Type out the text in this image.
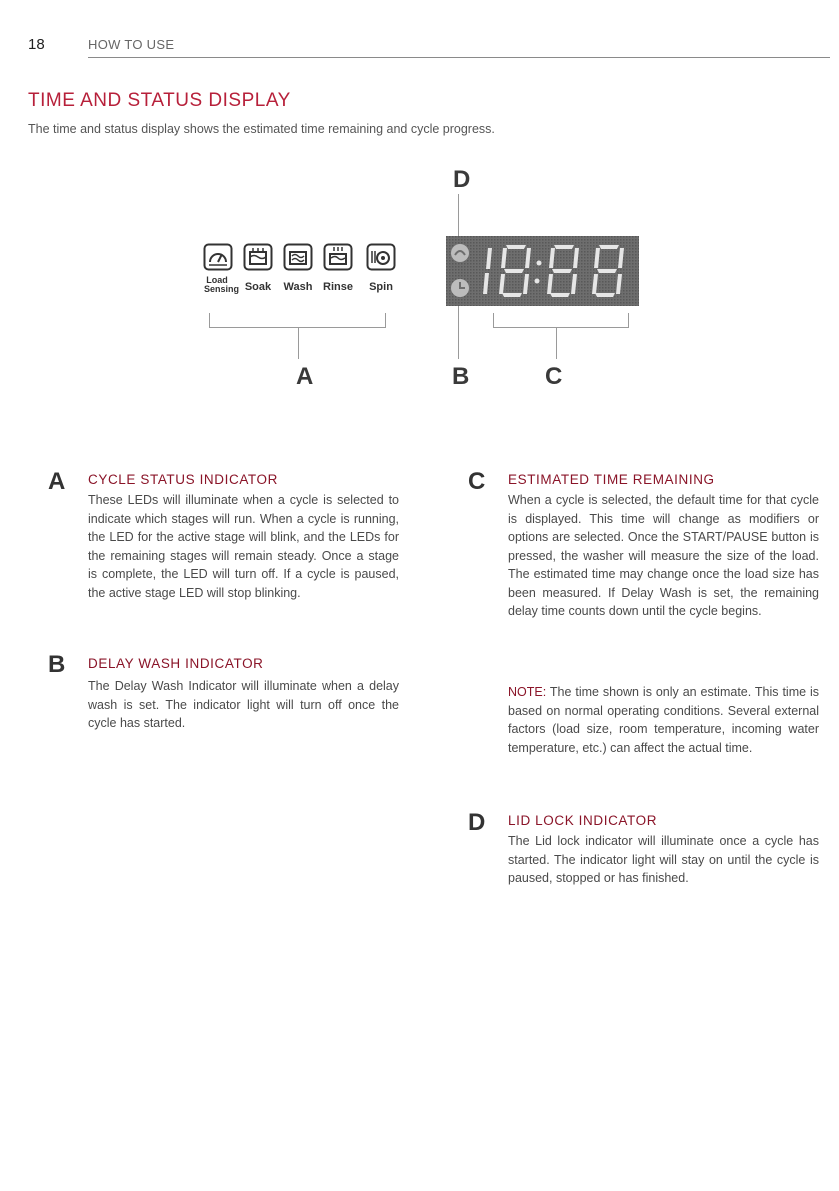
18	HOW TO USE
TIME AND STATUS DISPLAY
The time and status display shows the estimated time remaining and cycle progress.
D
Load Sensing Soak	Wash Rinse	Spin
A	B	C
A CYCLE STATUS INDICATOR

These LEDs will illuminate when a cycle is selected to indicate which stages will run. When a cycle is running, the LED for the active stage will blink, and the LEDs for the remaining stages will remain steady. Once a stage is complete, the LED will turn off. If a cycle is paused, the active stage LED will stop blinking.

B DELAY WASH INDICATOR

The Delay Wash Indicator will illuminate when a delay wash is set. The indicator light will turn off once the cycle has started.

C ESTIMATED TIME REMAINING

When a cycle is selected, the default time for that cycle is displayed. This time will change as modifiers or options are selected. Once the START/PAUSE button is pressed, the washer will measure the size of the load. The estimated time may change once the load size has been measured. If Delay Wash is set, the remaining delay time counts down until the cycle begins.

NOTE: The time shown is only an estimate. This time is based on normal operating conditions. Several external factors (load size, room temperature, incoming water temperature, etc.) can affect the actual time.

D LID LOCK INDICATOR

The Lid lock indicator will illuminate once a cycle has started. The indicator light will stay on until the cycle is paused, stopped or has finished.
